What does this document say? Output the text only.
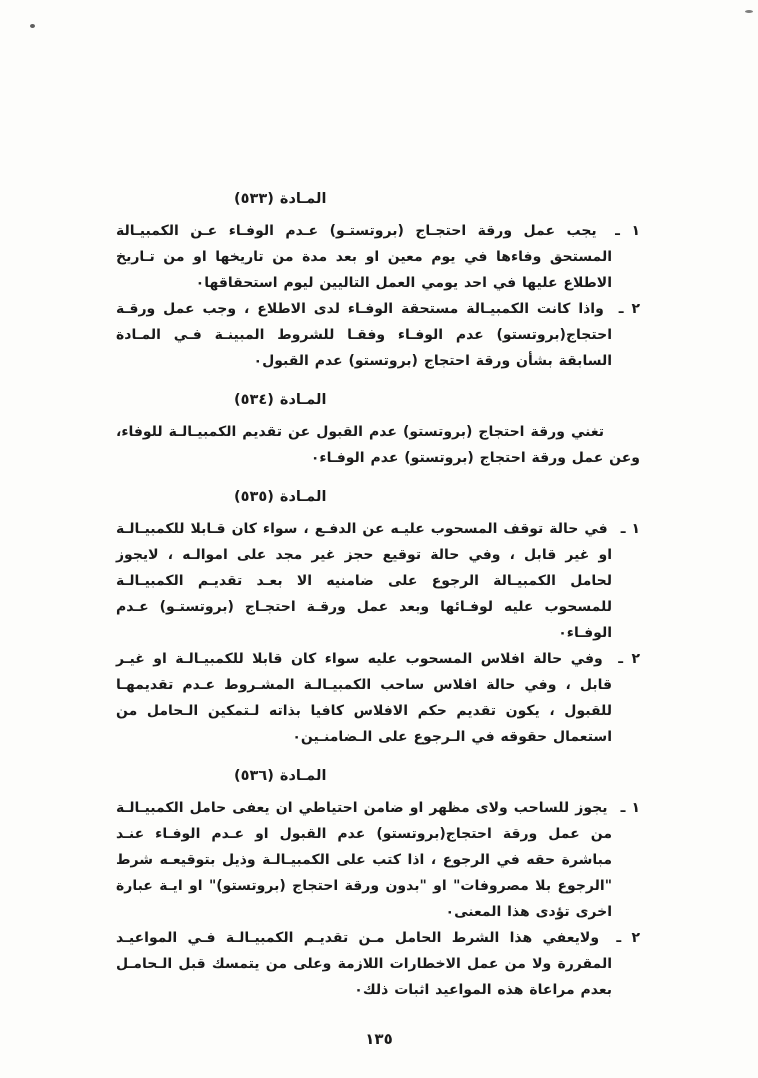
المـادة (٥٣٣)

١ ـ يجب عمل ورقة احتجـاج (بروتستـو) عـدم الوفـاء عـن الكمبيـالة المستحق وفاءها في يوم معين او بعد مدة من تاريخها او من تـاريخ الاطلاع عليها في احد يومي العمل التاليين ليوم استحقاقها٠

٢ ـ واذا كانت الكمبيـالة مستحقة الوفـاء لدى الاطلاع ، وجب عمل ورقـة احتجاج(بروتستو) عدم الوفـاء وفقـا للشروط المبينـة فـي المـادة السابقة بشأن ورقة احتجاج (بروتستو) عدم القبول٠

المـادة (٥٣٤)

تغني ورقة احتجاج (بروتستو) عدم القبول عن تقديم الكمبيـالـة للوفاء، وعن عمل ورقة احتجاج (بروتستو) عدم الوفـاء٠

المـادة (٥٣٥)

١ ـ في حالة توقف المسحوب عليـه عن الدفـع ، سواء كان قـابلا للكمبيـالـة او غير قابل ، وفي حالة توقيع حجز غير مجد على اموالـه ، لايجوز لحامل الكمبيـالة الرجوع على ضامنيه الا بعـد تقديـم الكمبيـالـة للمسحوب عليه لوفـائها وبعد عمل ورقـة احتجـاج (بروتستـو) عـدم الوفـاء٠

٢ ـ وفي حالة افلاس المسحوب عليه سواء كان قابلا للكمبيـالـة او غيـر قابل ، وفي حالة افلاس ساحب الكمبيـالـة المشـروط عـدم تقديمهـا للقبول ، يكون تقديم حكم الافلاس كافيا بذاته لـتمكين الـحامل من استعمال حقوقه في الـرجوع على الـضامنـين٠

المـادة (٥٣٦)

١ ـ يجوز للساحب ولاى مظهر او ضامن احتياطي ان يعفى حامل الكمبيـالـة من عمل ورقة احتجاج(بروتستو) عدم القبول او عـدم الوفـاء عنـد مباشرة حقه في الرجوع ، اذا كتب على الكمبيـالـة وذيل بتوقيعـه شرط "الرجوع بلا مصروفات" او "بدون ورقة احتجاج (بروتستو)" او ايـة عبارة اخرى تؤدى هذا المعنى٠

٢ ـ ولايعفي هذا الشرط الحامل مـن تقديـم الكمبيـالـة فـي المواعيـد المقررة ولا من عمل الاخطارات اللازمة وعلى من يتمسك قبل الـحامـل بعدم مراعاة هذه المواعيد اثبات ذلك٠

١٣٥
